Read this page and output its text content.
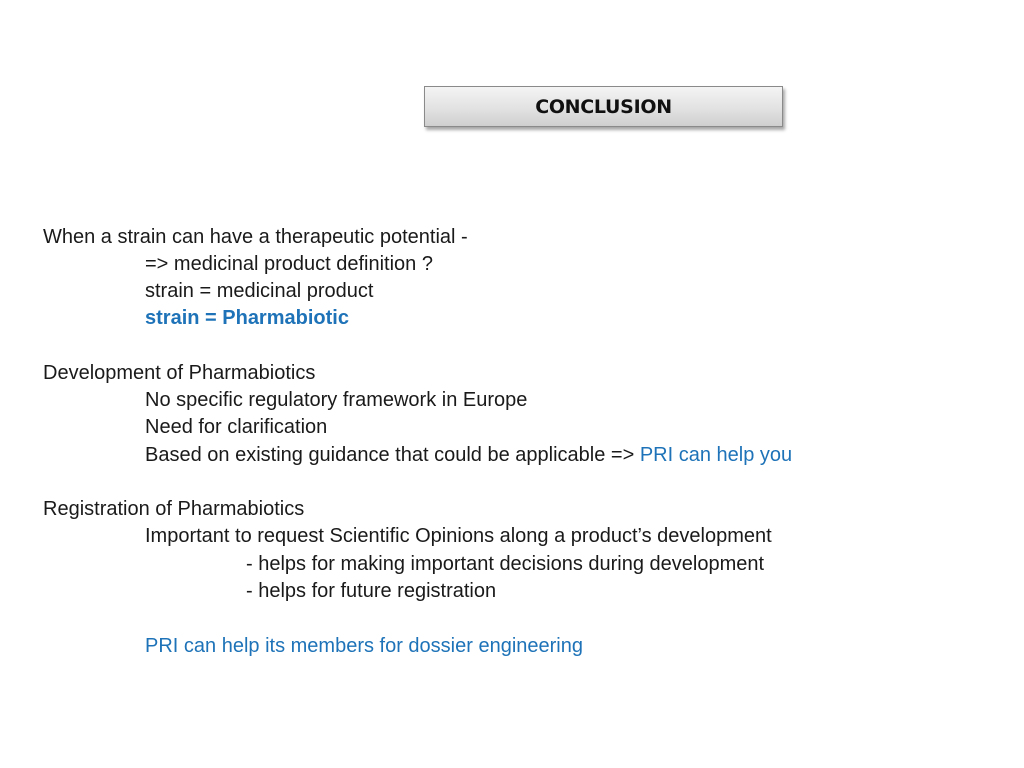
CONCLUSION
When a strain can have a therapeutic potential -
=> medicinal product definition ?
strain = medicinal product
strain = Pharmabiotic
Development of Pharmabiotics
No specific regulatory framework in Europe
Need for clarification
Based on existing guidance that could be applicable => PRI can help you
Registration of Pharmabiotics
Important to request Scientific Opinions along a product’s development
- helps for making important decisions during development
- helps for future registration
PRI can help its members for dossier engineering
